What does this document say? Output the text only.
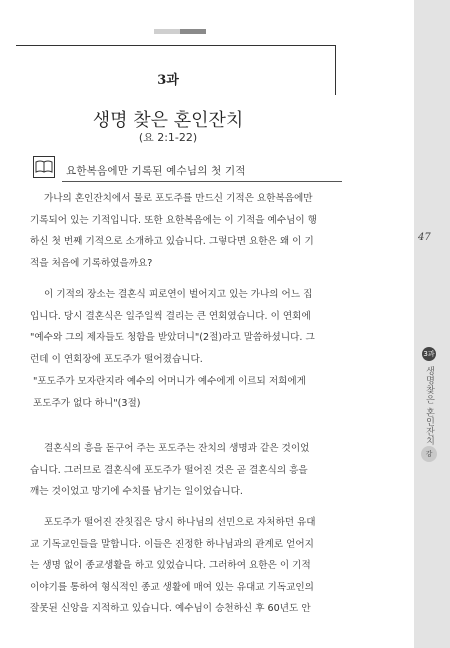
3과
생명 찾은 혼인잔치
(요 2:1-22)
요한복음에만 기록된 예수님의 첫 기적

가나의 혼인잔치에서 물로 포도주를 만드신 기적은 요한복음에만
기록되어 있는 기적입니다. 또한 요한복음에는 이 기적을 예수님이 행
하신 첫 번째 기적으로 소개하고 있습니다. 그렇다면 요한은 왜 이 기
적을 처음에 기록하였을까요?

이 기적의 장소는 결혼식 피로연이 벌어지고 있는 가나의 어느 집
입니다. 당시 결혼식은 일주일씩 결리는 큰 연회였습니다. 이 연회에
"예수와 그의 제자들도 청함을 받았더니"(2절)라고 말씀하셨니다. 그
런데 이 연회장에 포도주가 떨어졌습니다.

"포도주가 모자란지라 예수의 어머니가 예수에게 이르되 저희에게
포도주가 없다 하니"(3절)

결혼식의 흥을 돋구어 주는 포도주는 잔치의 생명과 같은 것이었
습니다. 그러므로 결혼식에 포도주가 떨어진 것은 곧 결혼식의 흥을
깨는 것이었고 망기에 수치를 남기는 일이었습니다.

포도주가 떨어진 잔칫집은 당시 하나님의 선민으로 자처하던 유대
교 기독교인들을 말합니다. 이들은 진정한 하나님과의 관계로 얻어지
는 생명 없이 종교생활을 하고 있었습니다. 그러하여 요한은 이 기적
이야기를 통하여 형식적인 종교 생활에 매여 있는 유대교 기독교인의
잘못된 신앙을 지적하고 있습니다. 예수님이 승천하신 후 60년도 안

47
3과
생명찾은 혼인잔치
강
